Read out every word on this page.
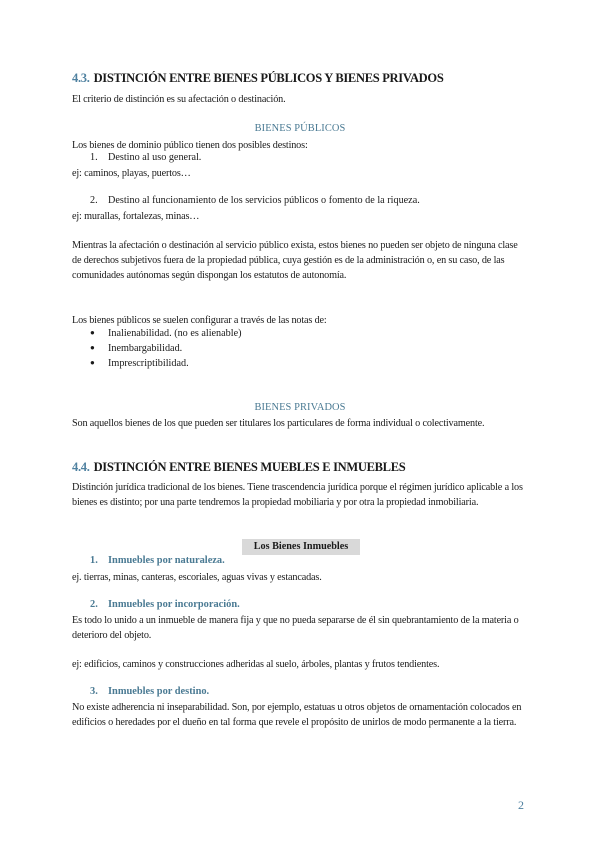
4.3. DISTINCIÓN ENTRE BIENES PÚBLICOS Y BIENES PRIVADOS
El criterio de distinción es su afectación o destinación.
BIENES PÚBLICOS
Los bienes de dominio público tienen dos posibles destinos:
1. Destino al uso general.
ej: caminos, playas, puertos…
2. Destino al funcionamiento de los servicios públicos o fomento de la riqueza.
ej: murallas, fortalezas, minas…
Mientras la afectación o destinación al servicio público exista, estos bienes no pueden ser objeto de ninguna clase de derechos subjetivos fuera de la propiedad pública, cuya gestión es de la administración o, en su caso, de las comunidades autónomas según dispongan los estatutos de autonomía.
Los bienes públicos se suelen configurar a través de las notas de:
● Inalienabilidad. (no es alienable)
● Inembargabilidad.
● Imprescriptibilidad.
BIENES PRIVADOS
Son aquellos bienes de los que pueden ser titulares los particulares de forma individual o colectivamente.
4.4. DISTINCIÓN ENTRE BIENES MUEBLES E INMUEBLES
Distinción jurídica tradicional de los bienes. Tiene trascendencia jurídica porque el régimen jurídico aplicable a los bienes es distinto; por una parte tendremos la propiedad mobiliaria y por otra la propiedad inmobiliaria.
Los Bienes Inmuebles
1. Inmuebles por naturaleza.
ej. tierras, minas, canteras, escoriales, aguas vivas y estancadas.
2. Inmuebles por incorporación.
Es todo lo unido a un inmueble de manera fija y que no pueda separarse de él sin quebrantamiento de la materia o deterioro del objeto.
ej: edificios, caminos y construcciones adheridas al suelo, árboles, plantas y frutos tendientes.
3. Inmuebles por destino.
No existe adherencia ni inseparabilidad. Son, por ejemplo, estatuas u otros objetos de ornamentación colocados en edificios o heredades por el dueño en tal forma que revele el propósito de unirlos de modo permanente a la tierra.
2
